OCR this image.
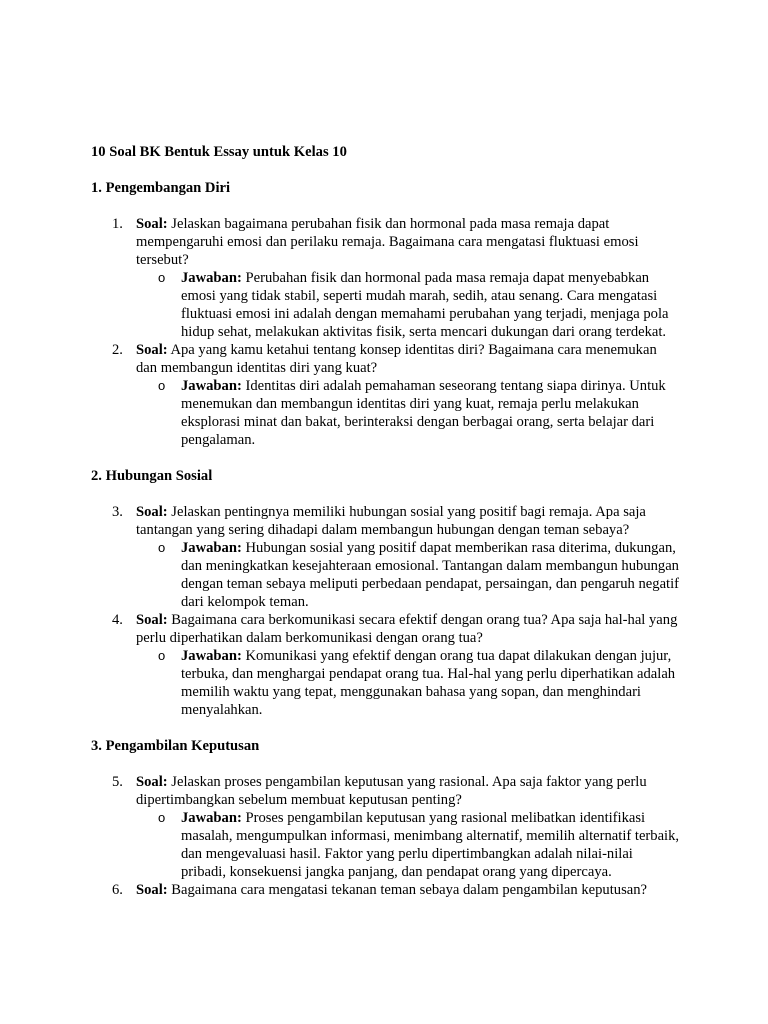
10 Soal BK Bentuk Essay untuk Kelas 10

1. Pengembangan Diri

1. Soal: Jelaskan bagaimana perubahan fisik dan hormonal pada masa remaja dapat mempengaruhi emosi dan perilaku remaja. Bagaimana cara mengatasi fluktuasi emosi tersebut?
o Jawaban: Perubahan fisik dan hormonal pada masa remaja dapat menyebabkan emosi yang tidak stabil, seperti mudah marah, sedih, atau senang. Cara mengatasi fluktuasi emosi ini adalah dengan memahami perubahan yang terjadi, menjaga pola hidup sehat, melakukan aktivitas fisik, serta mencari dukungan dari orang terdekat.
2. Soal: Apa yang kamu ketahui tentang konsep identitas diri? Bagaimana cara menemukan dan membangun identitas diri yang kuat?
o Jawaban: Identitas diri adalah pemahaman seseorang tentang siapa dirinya. Untuk menemukan dan membangun identitas diri yang kuat, remaja perlu melakukan eksplorasi minat dan bakat, berinteraksi dengan berbagai orang, serta belajar dari pengalaman.

2. Hubungan Sosial

3. Soal: Jelaskan pentingnya memiliki hubungan sosial yang positif bagi remaja. Apa saja tantangan yang sering dihadapi dalam membangun hubungan dengan teman sebaya?
o Jawaban: Hubungan sosial yang positif dapat memberikan rasa diterima, dukungan, dan meningkatkan kesejahteraan emosional. Tantangan dalam membangun hubungan dengan teman sebaya meliputi perbedaan pendapat, persaingan, dan pengaruh negatif dari kelompok teman.
4. Soal: Bagaimana cara berkomunikasi secara efektif dengan orang tua? Apa saja hal-hal yang perlu diperhatikan dalam berkomunikasi dengan orang tua?
o Jawaban: Komunikasi yang efektif dengan orang tua dapat dilakukan dengan jujur, terbuka, dan menghargai pendapat orang tua. Hal-hal yang perlu diperhatikan adalah memilih waktu yang tepat, menggunakan bahasa yang sopan, dan menghindari menyalahkan.

3. Pengambilan Keputusan

5. Soal: Jelaskan proses pengambilan keputusan yang rasional. Apa saja faktor yang perlu dipertimbangkan sebelum membuat keputusan penting?
o Jawaban: Proses pengambilan keputusan yang rasional melibatkan identifikasi masalah, mengumpulkan informasi, menimbang alternatif, memilih alternatif terbaik, dan mengevaluasi hasil. Faktor yang perlu dipertimbangkan adalah nilai-nilai pribadi, konsekuensi jangka panjang, dan pendapat orang yang dipercaya.
6. Soal: Bagaimana cara mengatasi tekanan teman sebaya dalam pengambilan keputusan?
